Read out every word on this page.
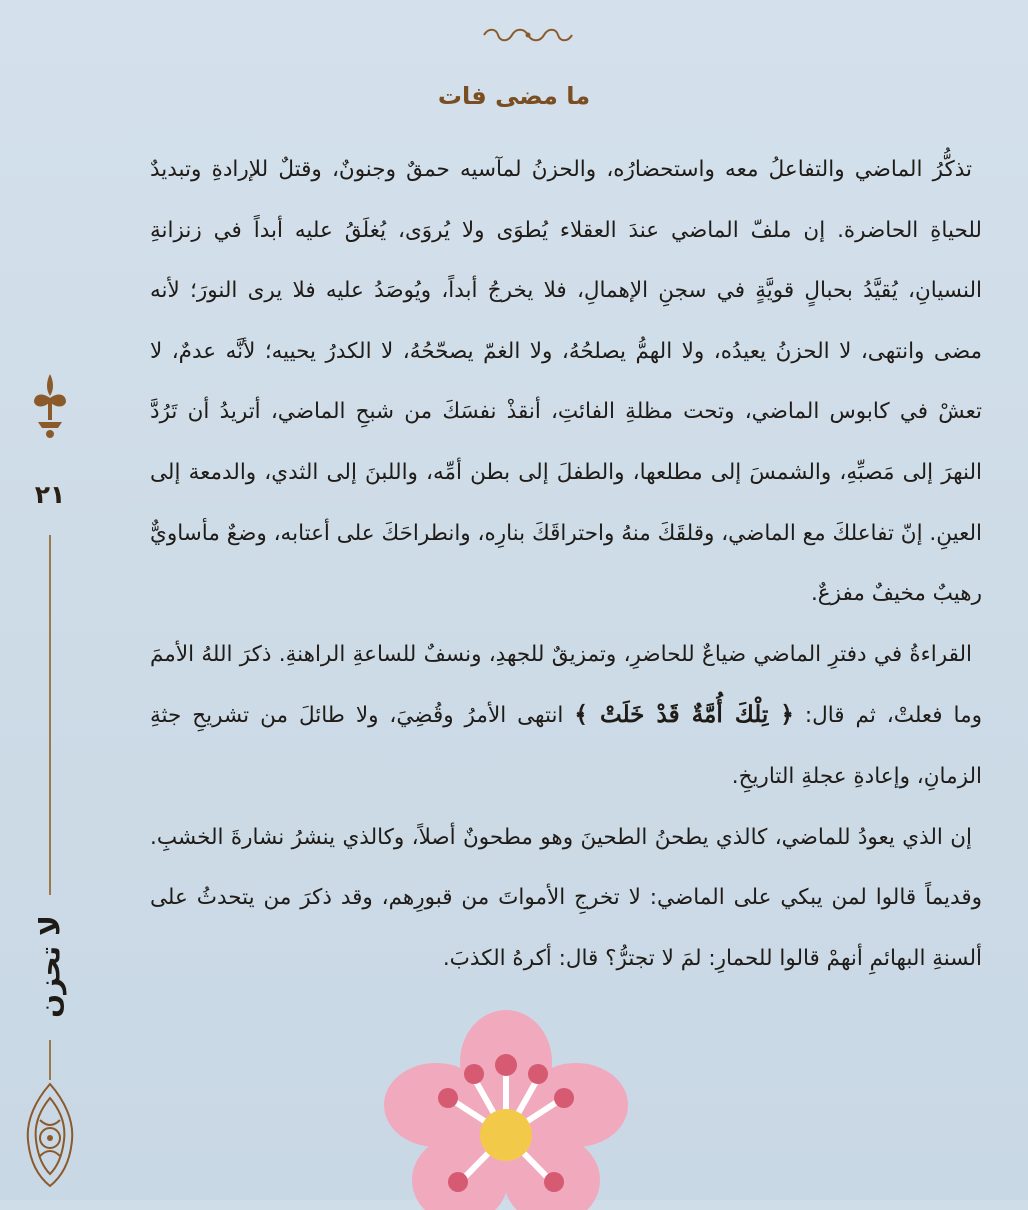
ما مضى فات

تذكُّرُ الماضي والتفاعلُ معه واستحضارُه، والحزنُ لمآسيه حمقٌ وجنونٌ، وقتلٌ للإرادةِ وتبديدٌ للحياةِ الحاضرة. إن ملفّ الماضي عندَ العقلاء يُطوَى ولا يُروَى، يُغلَقُ عليه أبداً في زنزانةِ النسيانِ، يُقيَّدُ بحبالٍ قويَّةٍ في سجنِ الإهمالِ، فلا يخرجُ أبداً، ويُوصَدُ عليه فلا يرى النورَ؛ لأنه مضى وانتهى، لا الحزنُ يعيدُه، ولا الهمُّ يصلحُهُ، ولا الغمّ يصحّحُهُ، لا الكدرُ يحييه؛ لأنَّه عدمٌ، لا تعشْ في كابوس الماضي، وتحت مظلةِ الفائتِ، أنقذْ نفسَكَ من شبحِ الماضي، أتريدُ أن تَرُدَّ النهرَ إلى مَصبِّهِ، والشمسَ إلى مطلعها، والطفلَ إلى بطن أمِّه، واللبنَ إلى الثدي، والدمعة إلى العينِ. إنّ تفاعلكَ مع الماضي، وقلقَكَ منهُ واحتراقَكَ بنارِه، وانطراحَكَ على أعتابه، وضعٌ مأساويٌّ رهيبٌ مخيفٌ مفزعٌ.

القراءةُ في دفترِ الماضي ضياعٌ للحاضرِ، وتمزيقٌ للجهدِ، ونسفٌ للساعةِ الراهنةِ. ذكرَ اللهُ الأممَ وما فعلتْ، ثم قال: ﴿ تِلْكَ أُمَّةٌ قَدْ خَلَتْ ﴾ انتهى الأمرُ وقُضِيَ، ولا طائلَ من تشريحِ جثةِ الزمانِ، وإعادةِ عجلةِ التاريخِ.

إن الذي يعودُ للماضي، كالذي يطحنُ الطحينَ وهو مطحونٌ أصلاً، وكالذي ينشرُ نشارةَ الخشبِ. وقديماً قالوا لمن يبكي على الماضي: لا تخرجِ الأمواتَ من قبورِهم، وقد ذكرَ من يتحدثُ على ألسنةِ البهائمِ أنهمْ قالوا للحمارِ: لمَ لا تجترُّ؟ قال: أكرهُ الكذبَ.

٢١
لا تحزن
